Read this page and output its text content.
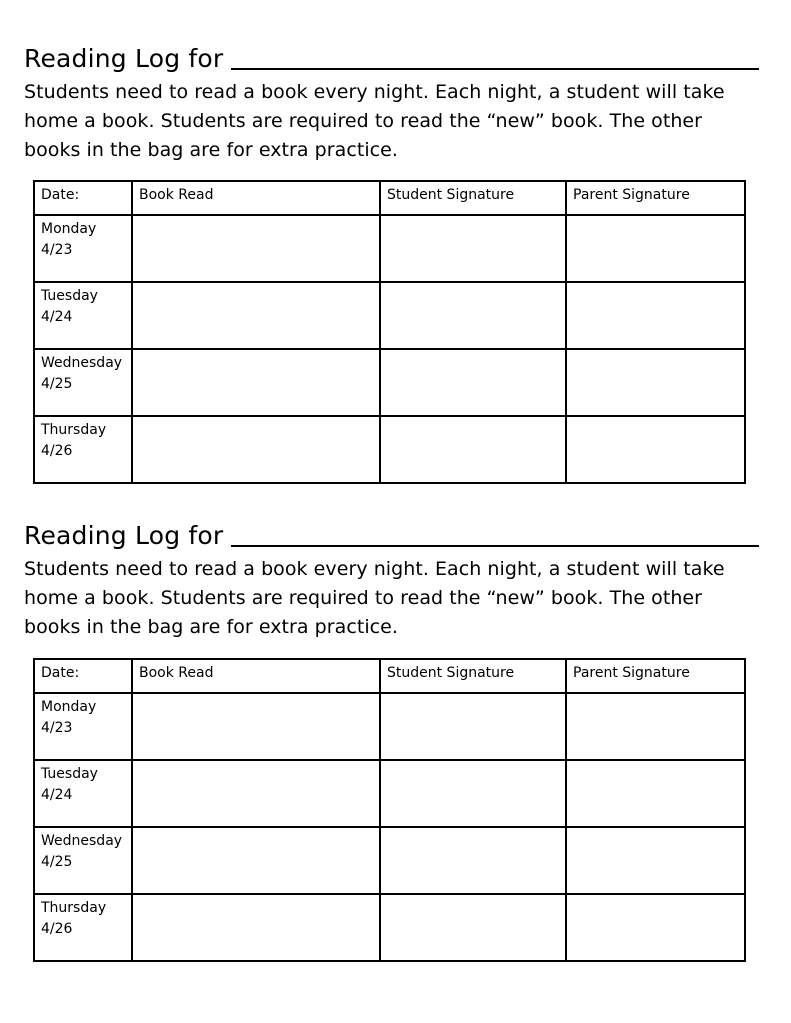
Reading Log for
Students need to read a book every night. Each night, a student will take
home a book. Students are required to read the “new” book. The other
books in the bag are for extra practice.
Date:	Book Read	Student Signature	Parent Signature

Monday
4/23			

Tuesday
4/24			

Wednesday
4/25			

Thursday
4/26			

Reading Log for
Students need to read a book every night. Each night, a student will take
home a book. Students are required to read the “new” book. The other
books in the bag are for extra practice.
Date:	Book Read	Student Signature	Parent Signature

Monday
4/23			

Tuesday
4/24			

Wednesday
4/25			

Thursday
4/26			
